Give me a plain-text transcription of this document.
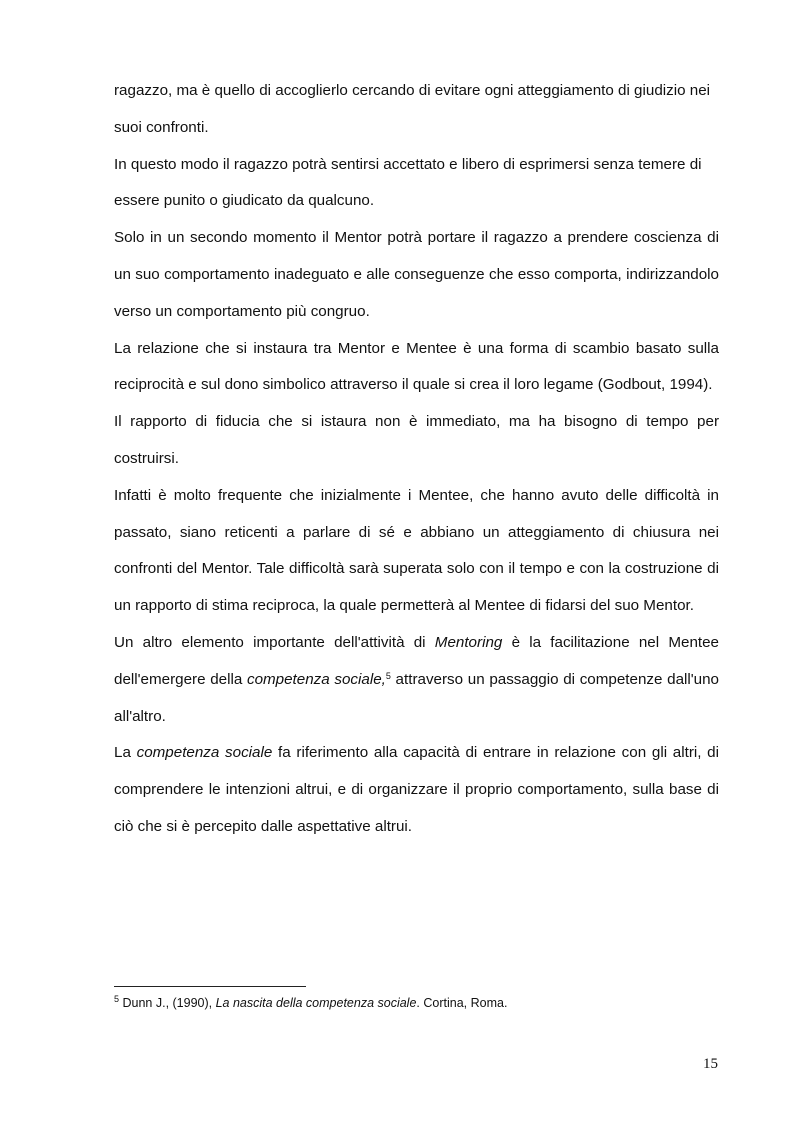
ragazzo, ma è quello di accoglierlo cercando di evitare ogni atteggiamento di giudizio nei suoi confronti.

In questo modo il ragazzo potrà sentirsi accettato e libero di esprimersi senza temere di essere punito o giudicato da qualcuno.

Solo in un secondo momento il Mentor potrà portare il ragazzo a prendere coscienza di un suo comportamento inadeguato e alle conseguenze che esso comporta, indirizzandolo verso un comportamento più congruo.

La relazione che si instaura tra Mentor e Mentee è una forma di scambio basato sulla reciprocità e sul dono simbolico attraverso il quale si crea il loro legame (Godbout, 1994).

Il rapporto di fiducia che si istaura non è immediato, ma ha bisogno di tempo per costruirsi.

Infatti è molto frequente che inizialmente i Mentee, che hanno avuto delle difficoltà in passato, siano reticenti a parlare di sé e abbiano un atteggiamento di chiusura nei confronti del Mentor. Tale difficoltà sarà superata solo con il tempo e con la costruzione di un rapporto di stima reciproca, la quale permetterà al Mentee di fidarsi del suo Mentor.

Un altro elemento importante dell'attività di Mentoring è la facilitazione nel Mentee dell'emergere della competenza sociale,$^5$ attraverso un passaggio di competenze dall'uno all'altro.

La competenza sociale fa riferimento alla capacità di entrare in relazione con gli altri, di comprendere le intenzioni altrui, e di organizzare il proprio comportamento, sulla base di ciò che si è percepito dalle aspettative altrui.

$^5$ Dunn J., (1990), La nascita della competenza sociale. Cortina, Roma.
15
